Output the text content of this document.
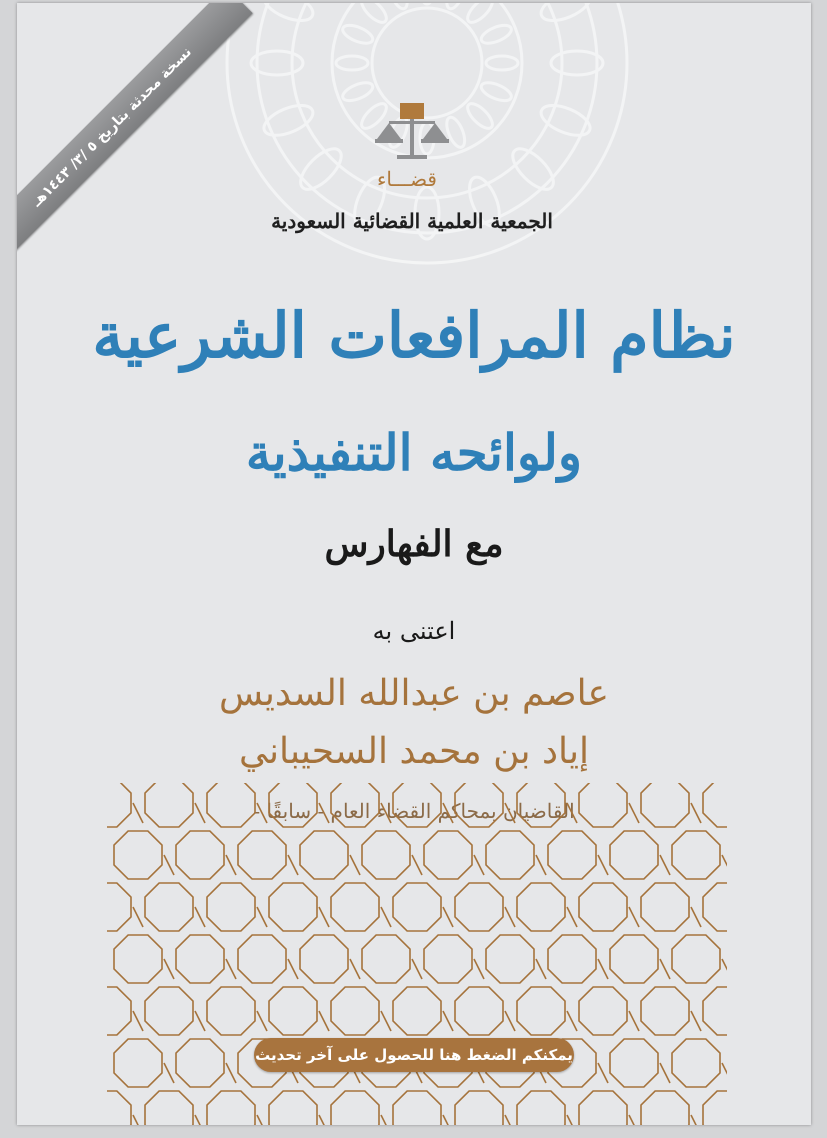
نسخة محدثة بتاريخ ٥ /٣/ ١٤٤٣هـ
قضـــاء
الجمعية العلمية القضائية السعودية
نظام المرافعات الشرعية
ولوائحه التنفيذية
مع الفهارس
اعتنى به
عاصم بن عبدالله السديس
إياد بن محمد السحيباني
القاضيان بمحاكم القضاء العام - سابقًا -
يمكنكم الضغط هنا للحصول على آخر تحديث
